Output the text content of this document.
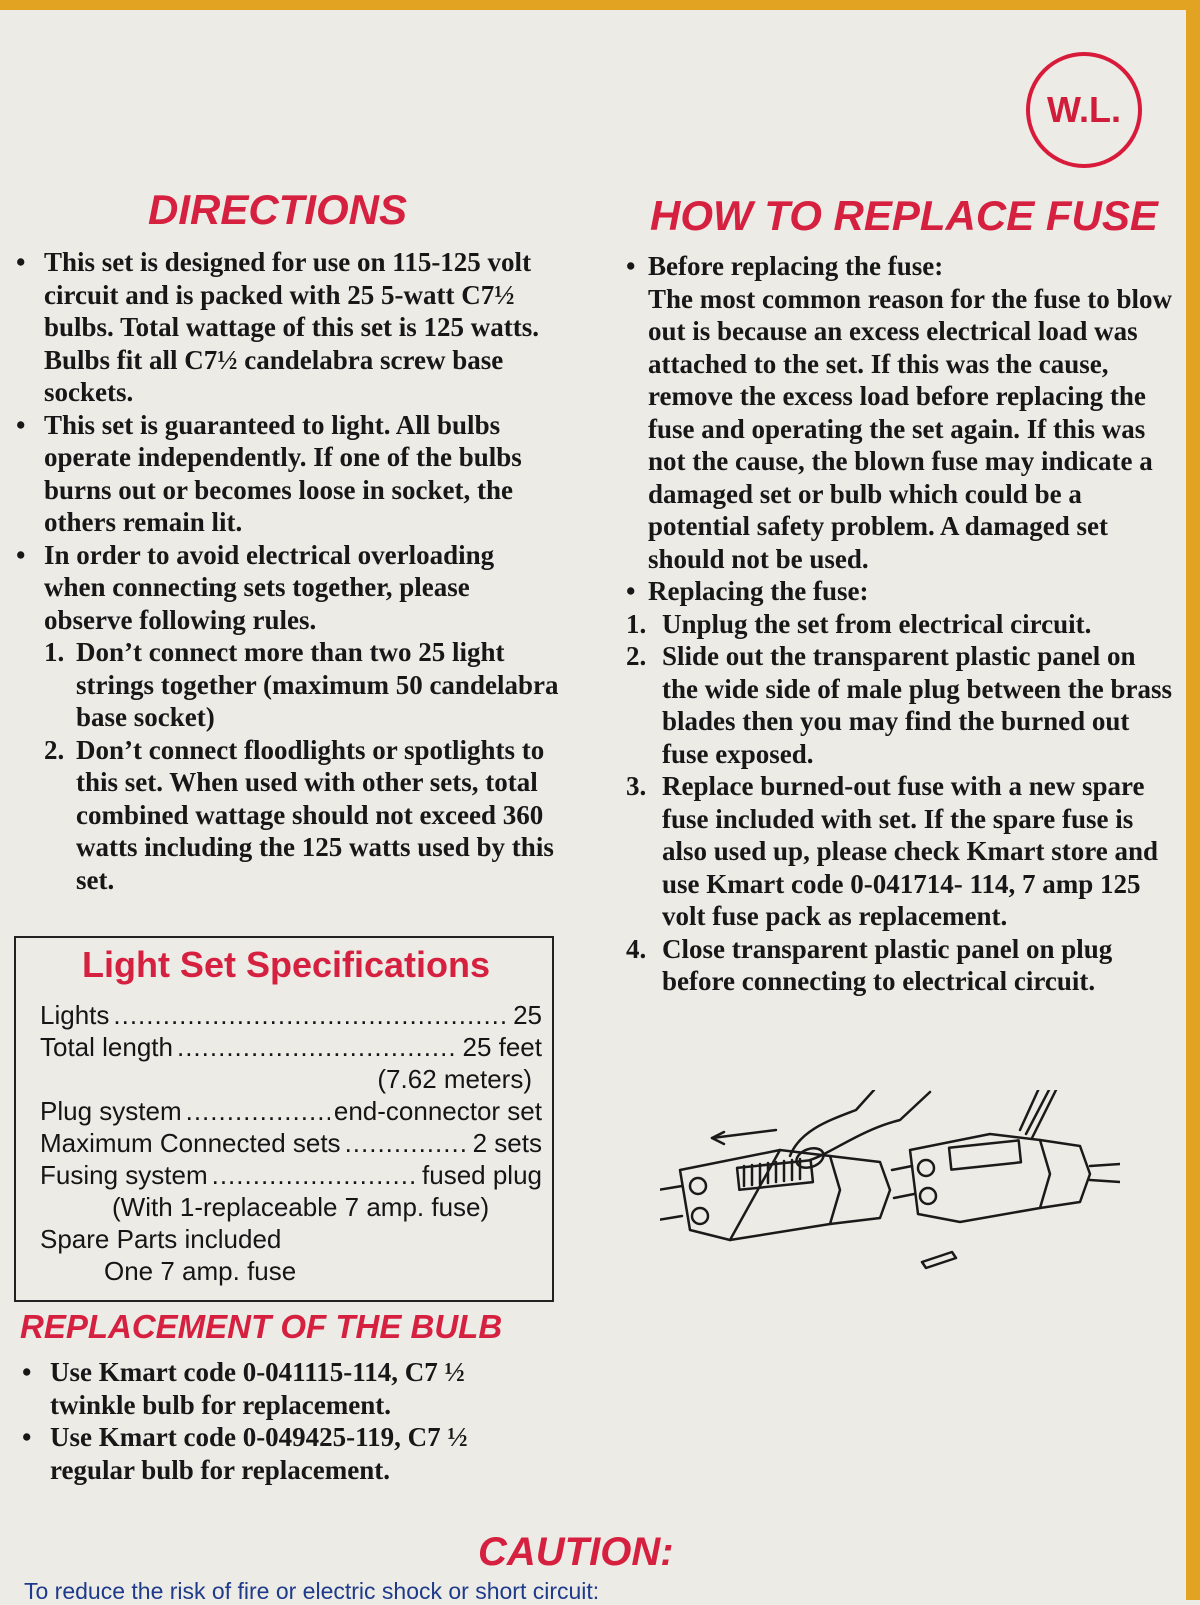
W.L.
DIRECTIONS
• This set is designed for use on 115-125 volt circuit and is packed with 25 5-watt C7½ bulbs. Total wattage of this set is 125 watts. Bulbs fit all C7½ candelabra screw base sockets.
• This set is guaranteed to light. All bulbs operate independently. If one of the bulbs burns out or becomes loose in socket, the others remain lit.
• In order to avoid electrical overloading when connecting sets together, please observe following rules.
1. Don’t connect more than two 25 light strings together (maximum 50 candelabra base socket)
2. Don’t connect floodlights or spotlights to this set. When used with other sets, total combined wattage should not exceed 360 watts including the 125 watts used by this set.
Light Set Specifications
Lights .....	25
Total length .....	25 feet
(7.62 meters)
Plug system .....	end-connector set
Maximum Connected sets .....	2 sets
Fusing system .....	fused plug
(With 1-replaceable 7 amp. fuse)
Spare Parts included
One 7 amp. fuse
REPLACEMENT OF THE BULB
• Use Kmart code 0-041115-114, C7 ½ twinkle bulb for replacement.
• Use Kmart code 0-049425-119, C7 ½ regular bulb for replacement.
HOW TO REPLACE FUSE
• Before replacing the fuse:
The most common reason for the fuse to blow out is because an excess electrical load was attached to the set. If this was the cause, remove the excess load before replacing the fuse and operating the set again. If this was not the cause, the blown fuse may indicate a damaged set or bulb which could be a potential safety problem. A damaged set should not be used.
• Replacing the fuse:
1. Unplug the set from electrical circuit.
2. Slide out the transparent plastic panel on the wide side of male plug between the brass blades then you may find the burned out fuse exposed.
3. Replace burned-out fuse with a new spare fuse included with set. If the spare fuse is also used up, please check Kmart store and use Kmart code 0-041714- 114, 7 amp 125 volt fuse pack as replacement.
4. Close transparent plastic panel on plug before connecting to electrical circuit.
CAUTION:
To reduce the risk of fire or electric shock or short circuit:
